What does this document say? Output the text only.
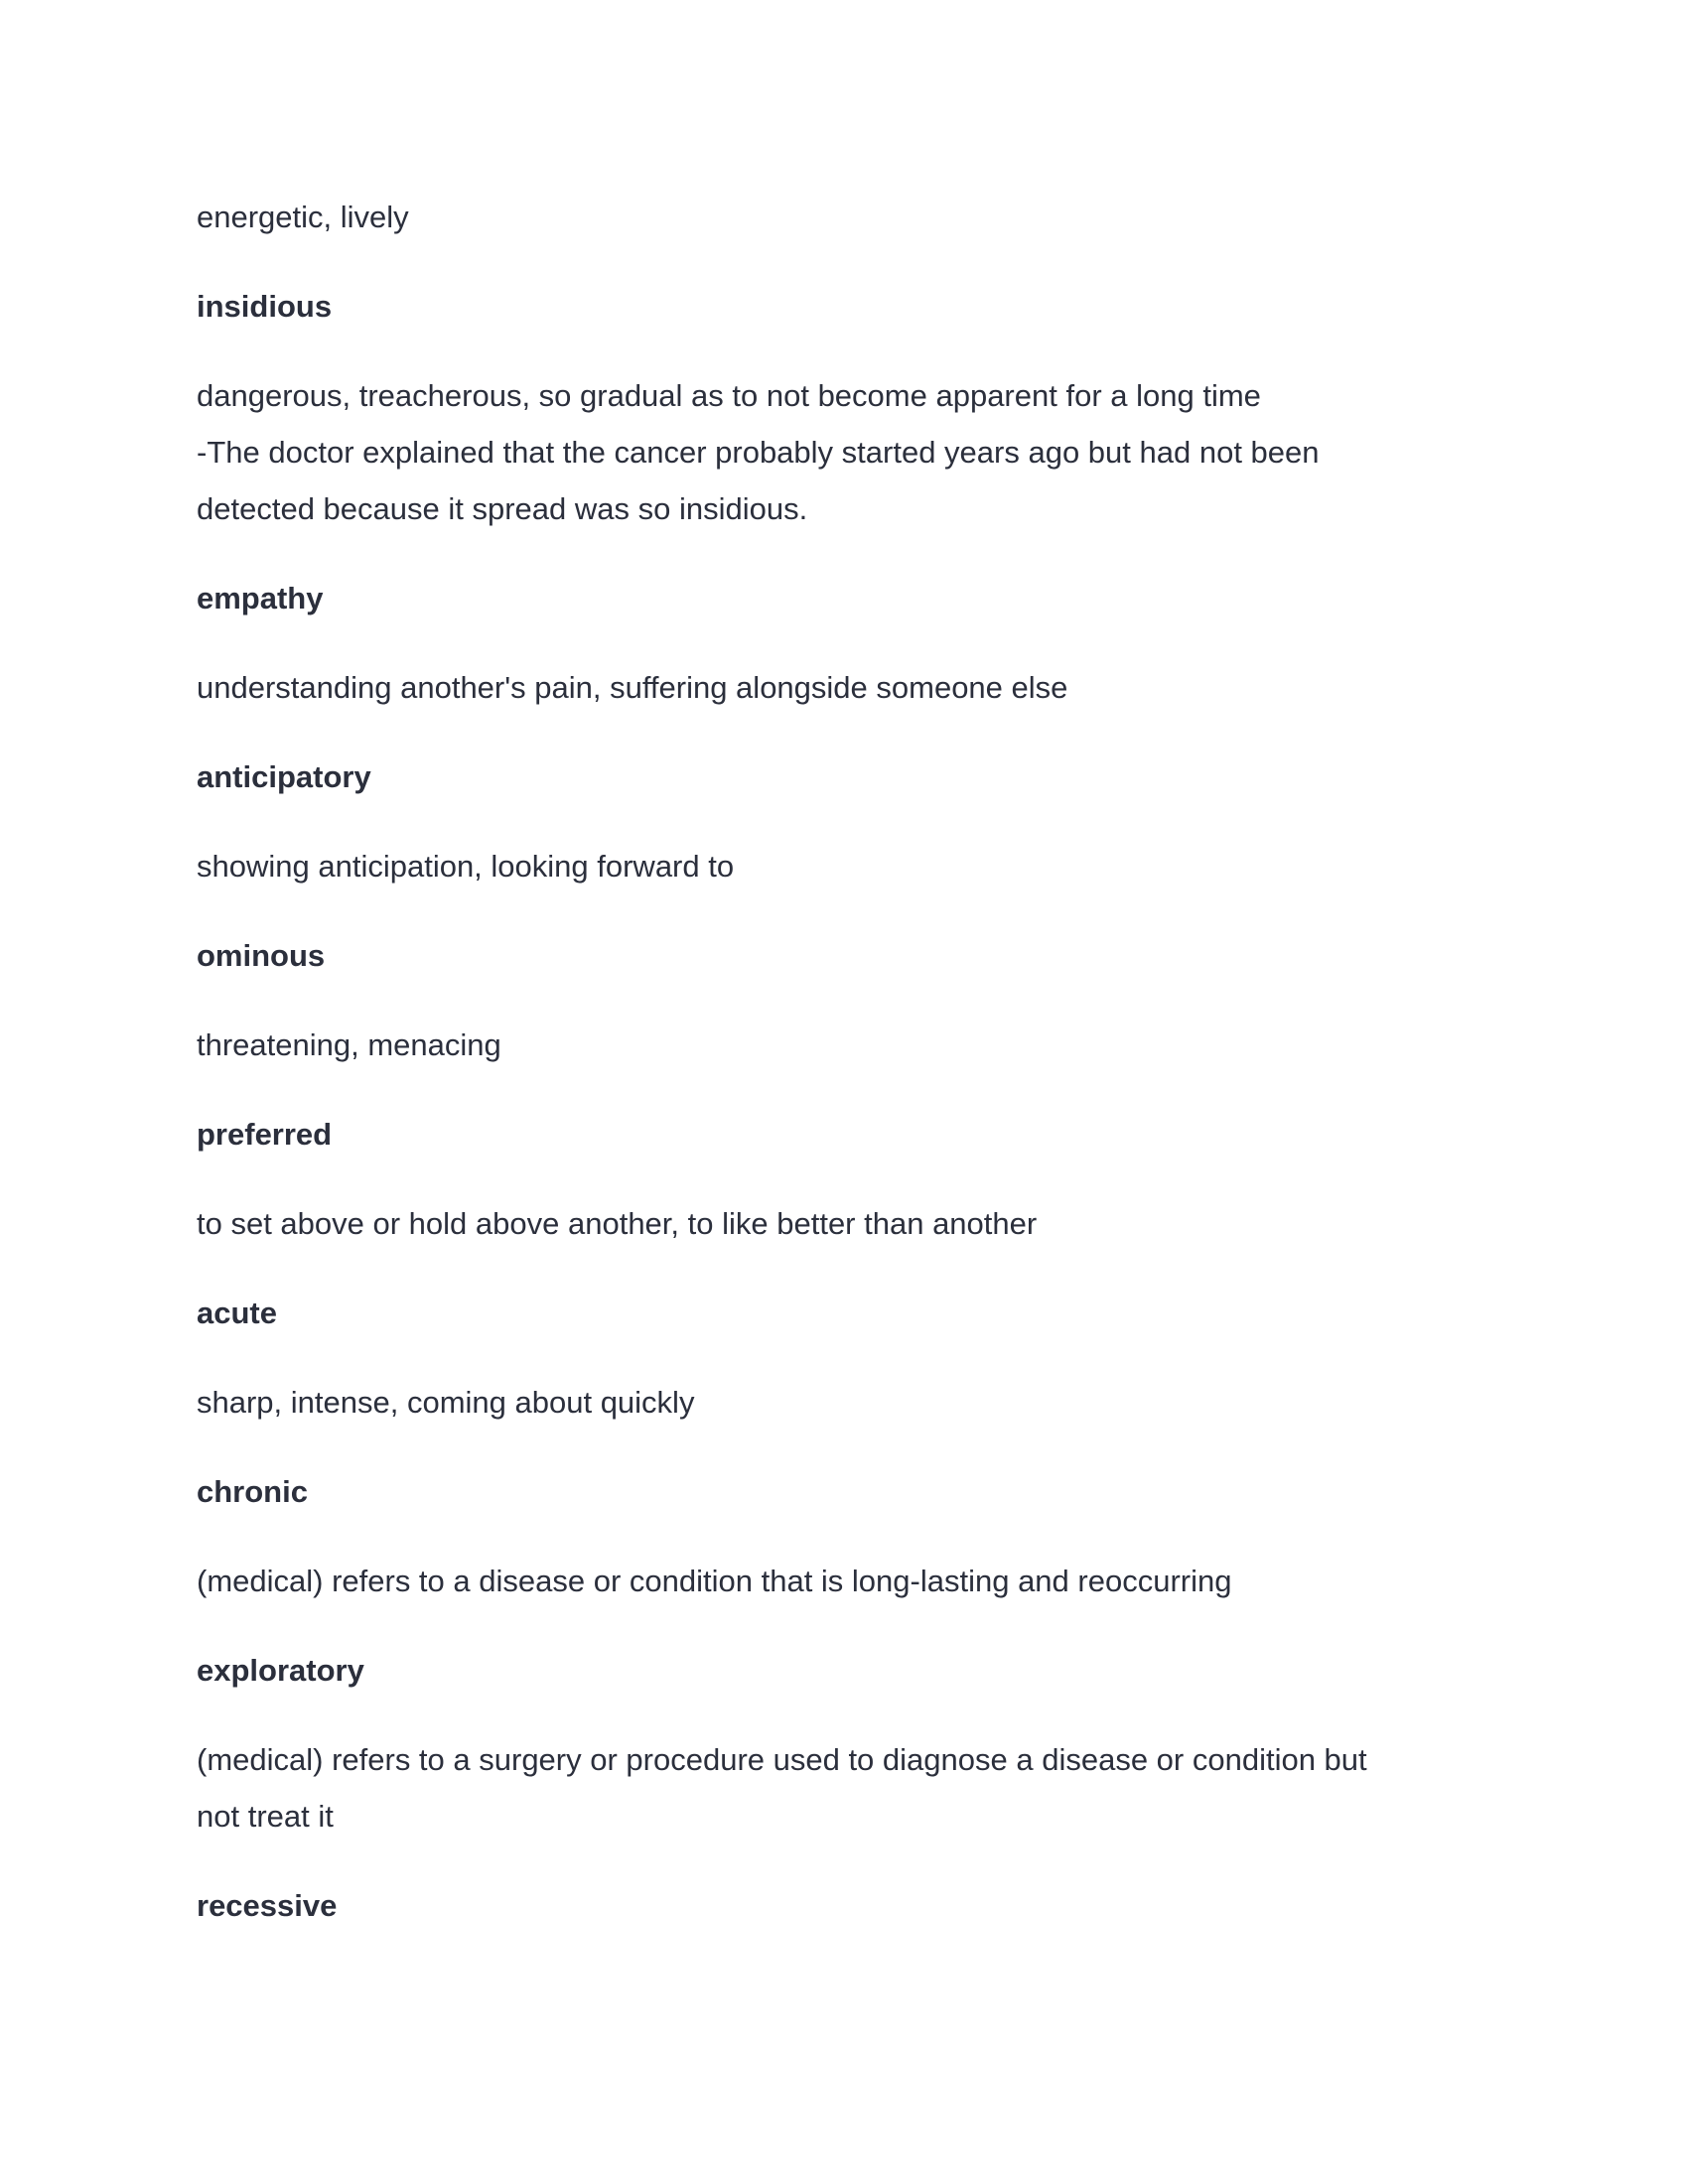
energetic, lively
insidious
dangerous, treacherous, so gradual as to not become apparent for a long time
-The doctor explained that the cancer probably started years ago but had not been
detected because it spread was so insidious.
empathy
understanding another's pain, suffering alongside someone else
anticipatory
showing anticipation, looking forward to
ominous
threatening, menacing
preferred
to set above or hold above another, to like better than another
acute
sharp, intense, coming about quickly
chronic
(medical) refers to a disease or condition that is long-lasting and reoccurring
exploratory
(medical) refers to a surgery or procedure used to diagnose a disease or condition but
not treat it
recessive
